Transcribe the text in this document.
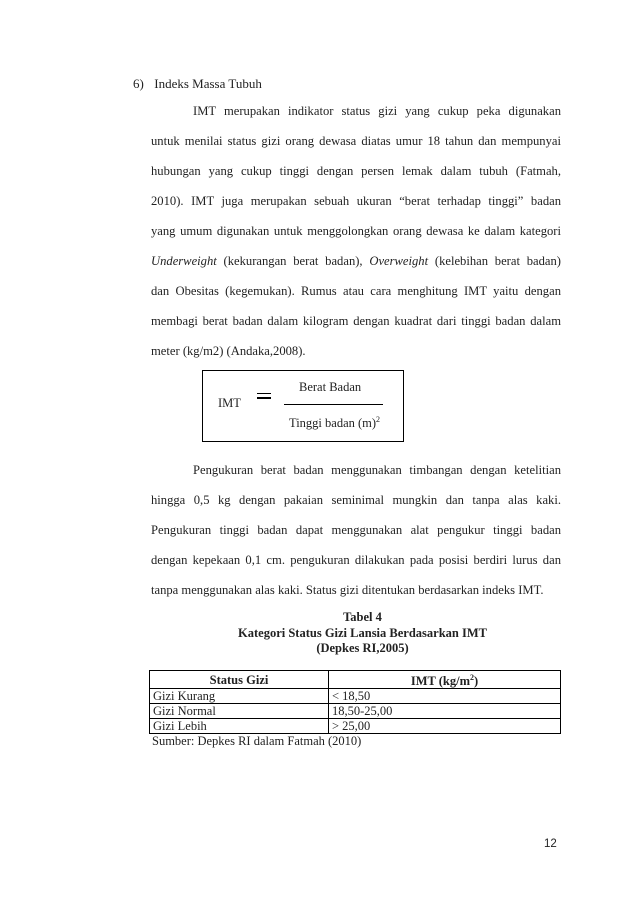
6) Indeks Massa Tubuh
IMT merupakan indikator status gizi yang cukup peka digunakan
untuk menilai status gizi orang dewasa diatas umur 18 tahun dan mempunyai
hubungan yang cukup tinggi dengan persen lemak dalam tubuh (Fatmah,
2010). IMT juga merupakan sebuah ukuran “berat terhadap tinggi” badan
yang umum digunakan untuk menggolongkan orang dewasa ke dalam kategori
Underweight (kekurangan berat badan), Overweight (kelebihan berat badan)
dan Obesitas (kegemukan). Rumus atau cara menghitung IMT yaitu dengan
membagi berat badan dalam kilogram dengan kuadrat dari tinggi badan dalam
meter (kg/m2) (Andaka,2008).
IMT
Berat Badan
Tinggi badan $(m)^2$
Pengukuran berat badan menggunakan timbangan dengan ketelitian
hingga 0,5 kg dengan pakaian seminimal mungkin dan tanpa alas kaki.
Pengukuran tinggi badan dapat menggunakan alat pengukur tinggi badan
dengan kepekaan 0,1 cm. pengukuran dilakukan pada posisi berdiri lurus dan
tanpa menggunakan alas kaki. Status gizi ditentukan berdasarkan indeks IMT.
Tabel 4
Kategori Status Gizi Lansia Berdasarkan IMT
(Depkes RI,2005)
Status Gizi	IMT $(kg/m^2)$
Gizi Kurang	< 18,50
Gizi Normal	18,50-25,00
Gizi Lebih	> 25,00
Sumber: Depkes RI dalam Fatmah (2010)
12
